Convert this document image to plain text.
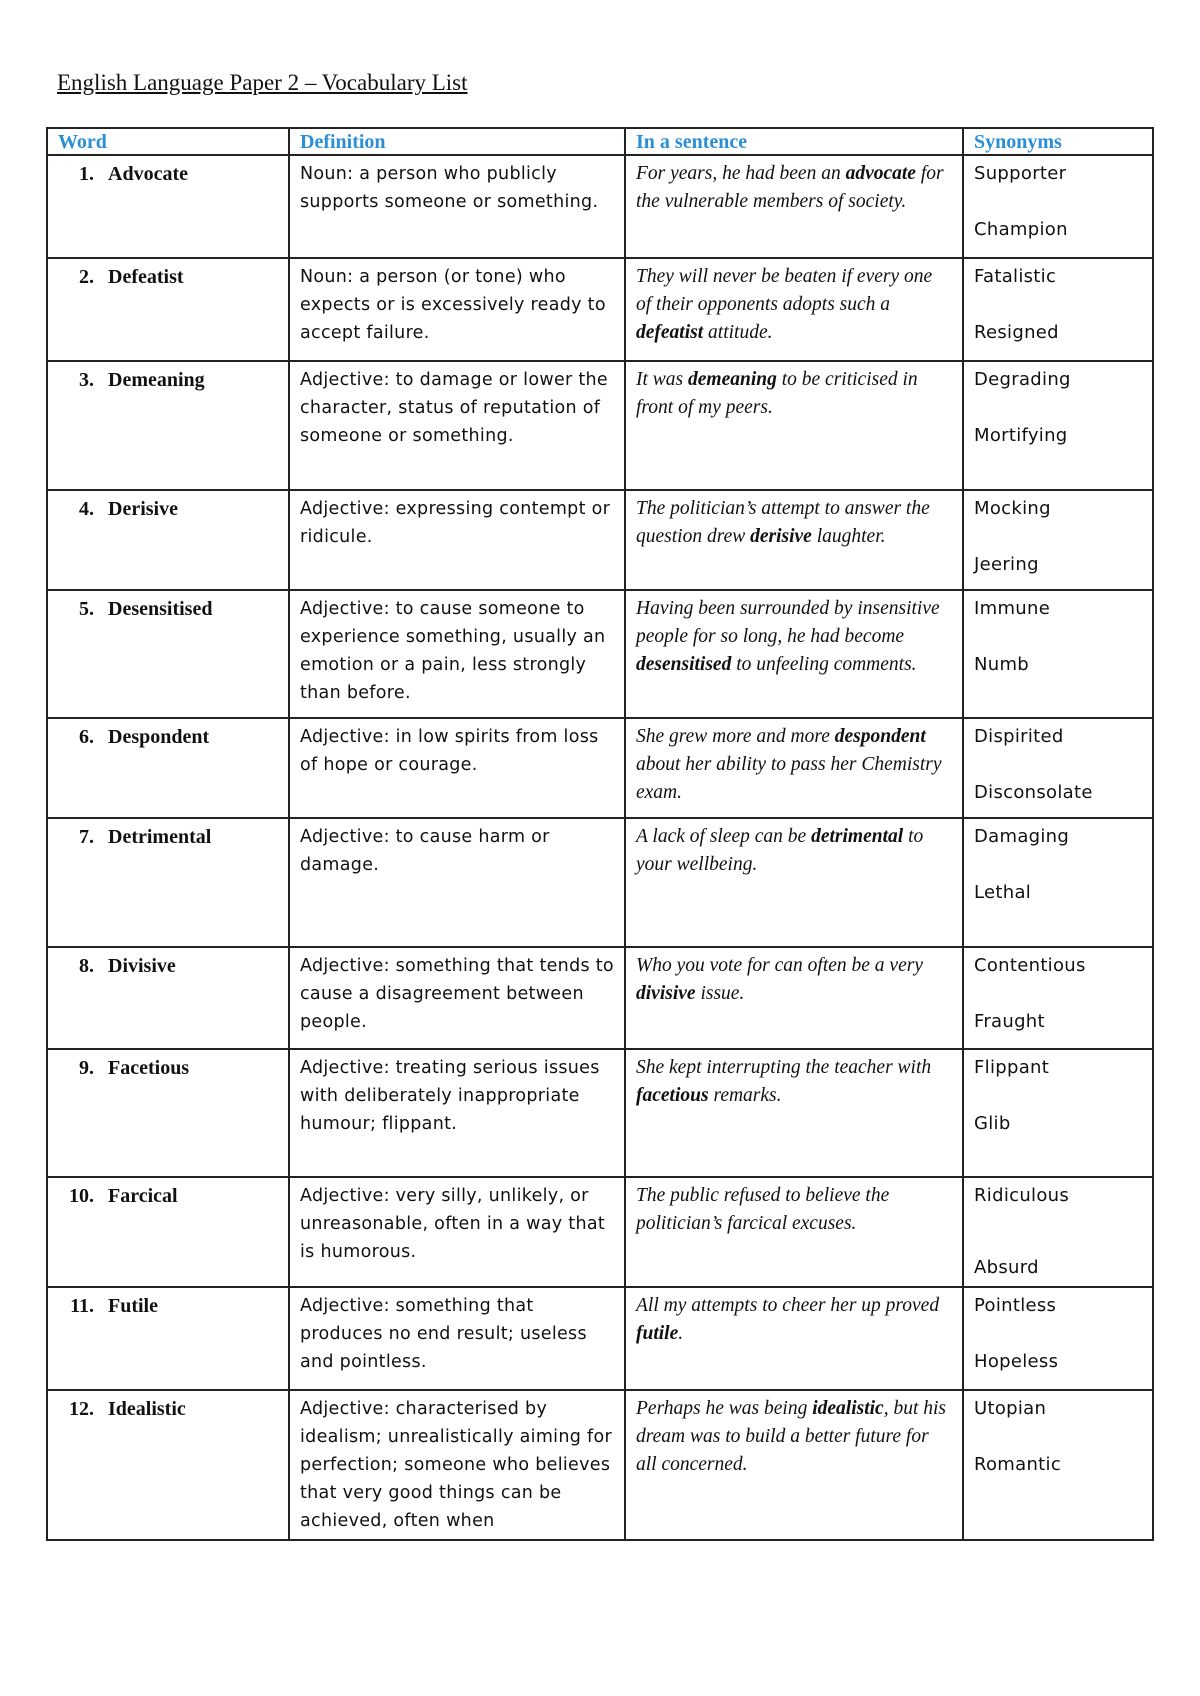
English Language Paper 2 – Vocabulary List
Word	Definition	In a sentence	Synonyms
1. Advocate	Noun: a person who publicly supports someone or something.	For years, he had been an advocate for the vulnerable members of society.	Supporter
Champion

2. Defeatist	Noun: a person (or tone) who expects or is excessively ready to accept failure.	They will never be beaten if every one of their opponents adopts such a defeatist attitude.	Fatalistic
Resigned

3. Demeaning	Adjective: to damage or lower the character, status of reputation of someone or something.	It was demeaning to be criticised in front of my peers.	Degrading
Mortifying

4. Derisive	Adjective: expressing contempt or ridicule.	The politician’s attempt to answer the question drew derisive laughter.	Mocking
Jeering

5. Desensitised	Adjective: to cause someone to experience something, usually an emotion or a pain, less strongly than before.	Having been surrounded by insensitive people for so long, he had become desensitised to unfeeling comments.	Immune
Numb

6. Despondent	Adjective: in low spirits from loss of hope or courage.	She grew more and more despondent about her ability to pass her Chemistry exam.	Dispirited
Disconsolate

7. Detrimental	Adjective: to cause harm or damage.	A lack of sleep can be detrimental to your wellbeing.	Damaging
Lethal

8. Divisive	Adjective: something that tends to cause a disagreement between people.	Who you vote for can often be a very divisive issue.	Contentious
Fraught

9. Facetious	Adjective: treating serious issues with deliberately inappropriate humour; flippant.	She kept interrupting the teacher with facetious remarks.	Flippant
Glib

10. Farcical	Adjective: very silly, unlikely, or unreasonable, often in a way that is humorous.	The public refused to believe the politician’s farcical excuses.	Ridiculous
Absurd

11. Futile	Adjective: something that produces no end result; useless and pointless.	All my attempts to cheer her up proved futile.	Pointless
Hopeless

12. Idealistic	Adjective: characterised by idealism; unrealistically aiming for perfection; someone who believes that very good things can be achieved, often when	Perhaps he was being idealistic, but his dream was to build a better future for all concerned.	Utopian
Romantic
